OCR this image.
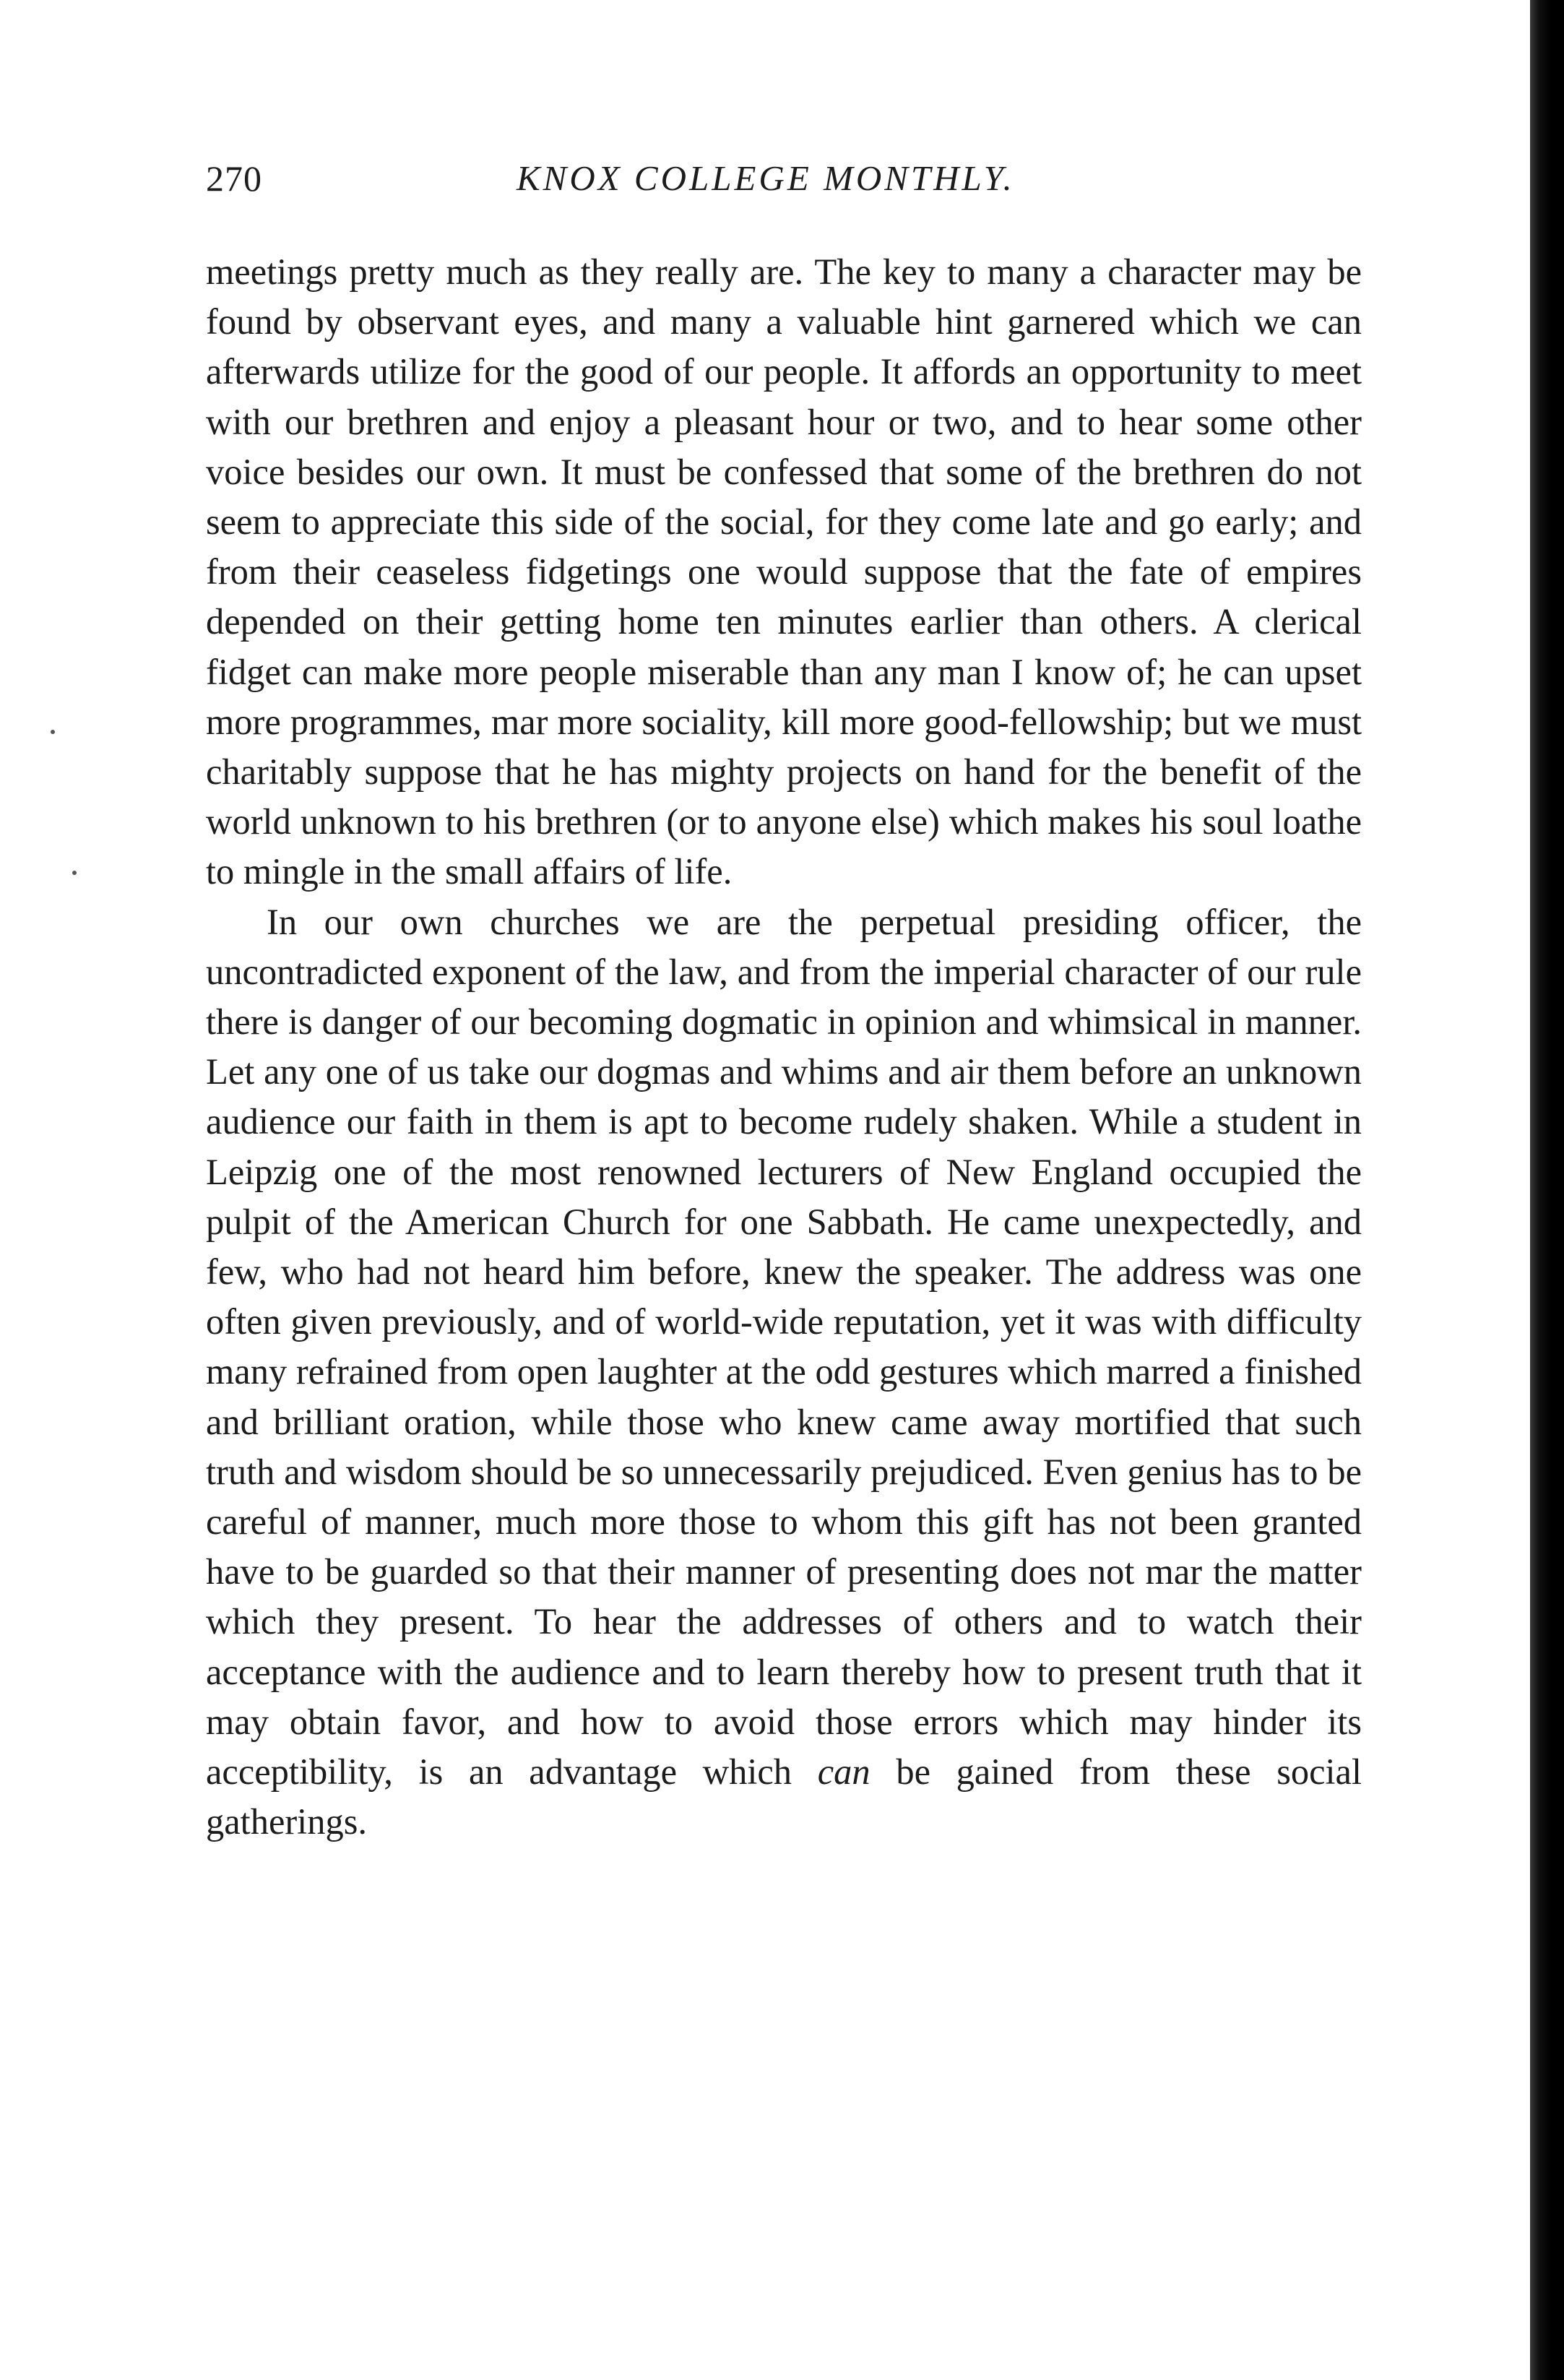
270	KNOX COLLEGE MONTHLY.

meetings pretty much as they really are. The key to many a character may be found by observant eyes, and many a valuable hint garnered which we can afterwards utilize for the good of our people. It affords an opportunity to meet with our brethren and enjoy a pleasant hour or two, and to hear some other voice besides our own. It must be confessed that some of the brethren do not seem to appreciate this side of the social, for they come late and go early; and from their ceaseless fidgetings one would suppose that the fate of empires depended on their getting home ten minutes earlier than others. A clerical fidget can make more people miserable than any man I know of; he can upset more programmes, mar more sociality, kill more good-fellowship; but we must charitably suppose that he has mighty projects on hand for the benefit of the world unknown to his brethren (or to anyone else) which makes his soul loathe to mingle in the small affairs of life.

In our own churches we are the perpetual presiding officer, the uncontradicted exponent of the law, and from the imperial character of our rule there is danger of our becoming dogmatic in opinion and whimsical in manner. Let any one of us take our dogmas and whims and air them before an unknown audience our faith in them is apt to become rudely shaken. While a student in Leipzig one of the most renowned lecturers of New England occupied the pulpit of the American Church for one Sabbath. He came unexpectedly, and few, who had not heard him before, knew the speaker. The address was one often given previously, and of world-wide reputation, yet it was with difficulty many refrained from open laughter at the odd gestures which marred a finished and brilliant oration, while those who knew came away mortified that such truth and wisdom should be so unnecessarily prejudiced. Even genius has to be careful of manner, much more those to whom this gift has not been granted have to be guarded so that their manner of presenting does not mar the matter which they present. To hear the addresses of others and to watch their acceptance with the audience and to learn thereby how to present truth that it may obtain favor, and how to avoid those errors which may hinder its acceptibility, is an advantage which can be gained from these social gatherings.
